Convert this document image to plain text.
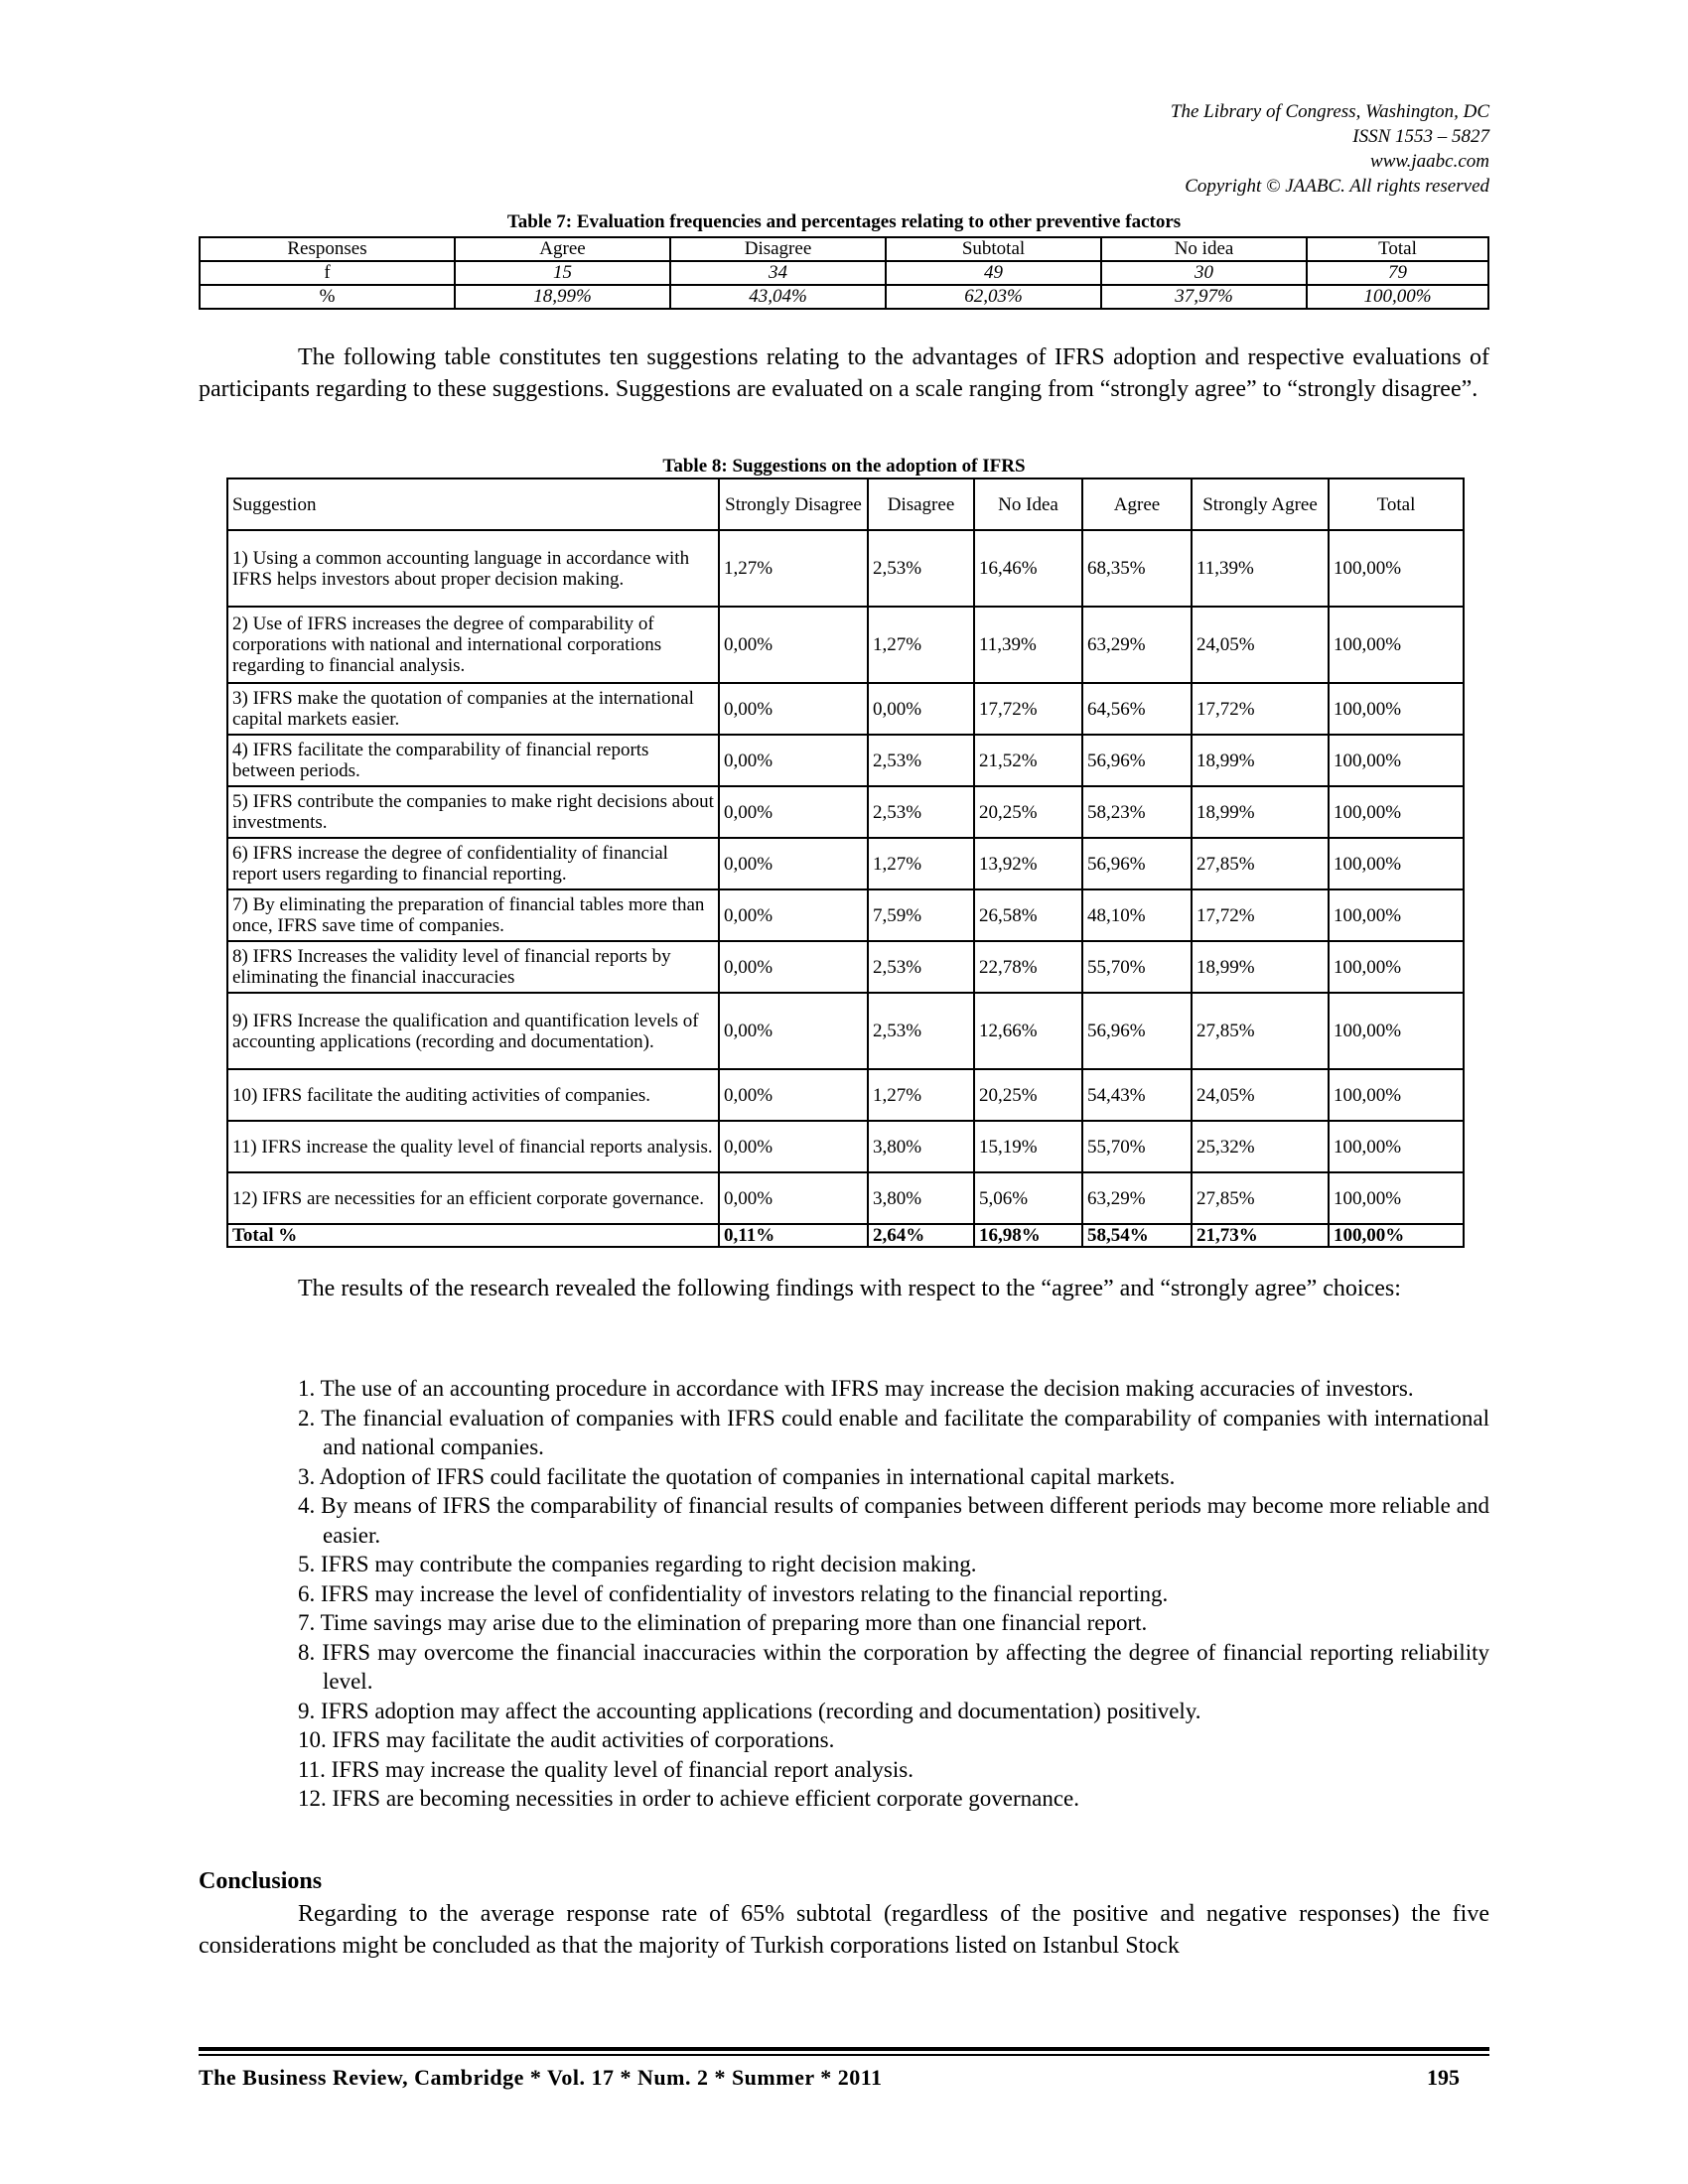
The Library of Congress, Washington, DC
ISSN 1553 – 5827
www.jaabc.com
Copyright © JAABC. All rights reserved
Table 7: Evaluation frequencies and percentages relating to other preventive factors
Responses	Agree	Disagree	Subtotal	No idea	Total
f	15	34	49	30	79
%	18,99%	43,04%	62,03%	37,97%	100,00%
The following table constitutes ten suggestions relating to the advantages of IFRS adoption and respective evaluations of participants regarding to these suggestions. Suggestions are evaluated on a scale ranging from “strongly agree” to “strongly disagree”.
Table 8: Suggestions on the adoption of IFRS
Suggestion	Strongly Disagree	Disagree	No Idea	Agree	Strongly Agree	Total
1) Using a common accounting language in accordance with IFRS helps investors about proper decision making.	1,27%	2,53%	16,46%	68,35%	11,39%	100,00%
2) Use of IFRS increases the degree of comparability of corporations with national and international corporations regarding to financial analysis.	0,00%	1,27%	11,39%	63,29%	24,05%	100,00%
3) IFRS make the quotation of companies at the international capital markets easier.	0,00%	0,00%	17,72%	64,56%	17,72%	100,00%
4) IFRS facilitate the comparability of financial reports between periods.	0,00%	2,53%	21,52%	56,96%	18,99%	100,00%
5) IFRS contribute the companies to make right decisions about investments.	0,00%	2,53%	20,25%	58,23%	18,99%	100,00%
6) IFRS increase the degree of confidentiality of financial report users regarding to financial reporting.	0,00%	1,27%	13,92%	56,96%	27,85%	100,00%
7) By eliminating the preparation of financial tables more than once, IFRS save time of companies.	0,00%	7,59%	26,58%	48,10%	17,72%	100,00%
8) IFRS Increases the validity level of financial reports by eliminating the financial inaccuracies	0,00%	2,53%	22,78%	55,70%	18,99%	100,00%
9) IFRS Increase the qualification and quantification levels of accounting applications (recording and documentation).	0,00%	2,53%	12,66%	56,96%	27,85%	100,00%
10) IFRS facilitate the auditing activities of companies.	0,00%	1,27%	20,25%	54,43%	24,05%	100,00%
11) IFRS increase the quality level of financial reports analysis.	0,00%	3,80%	15,19%	55,70%	25,32%	100,00%
12) IFRS are necessities for an efficient corporate governance.	0,00%	3,80%	5,06%	63,29%	27,85%	100,00%
Total %	0,11%	2,64%	16,98%	58,54%	21,73%	100,00%
The results of the research revealed the following findings with respect to the “agree” and “strongly agree” choices:
1. The use of an accounting procedure in accordance with IFRS may increase the decision making accuracies of investors.
2. The financial evaluation of companies with IFRS could enable and facilitate the comparability of companies with international and national companies.
3. Adoption of IFRS could facilitate the quotation of companies in international capital markets.
4. By means of IFRS the comparability of financial results of companies between different periods may become more reliable and easier.
5. IFRS may contribute the companies regarding to right decision making.
6. IFRS may increase the level of confidentiality of investors relating to the financial reporting.
7. Time savings may arise due to the elimination of preparing more than one financial report.
8. IFRS may overcome the financial inaccuracies within the corporation by affecting the degree of financial reporting reliability level.
9. IFRS adoption may affect the accounting applications (recording and documentation) positively.
10. IFRS may facilitate the audit activities of corporations.
11. IFRS may increase the quality level of financial report analysis.
12. IFRS are becoming necessities in order to achieve efficient corporate governance.
Conclusions
Regarding to the average response rate of 65% subtotal (regardless of the positive and negative responses) the five considerations might be concluded as that the majority of Turkish corporations listed on Istanbul Stock
The Business Review, Cambridge * Vol. 17 * Num. 2 * Summer * 2011	195
